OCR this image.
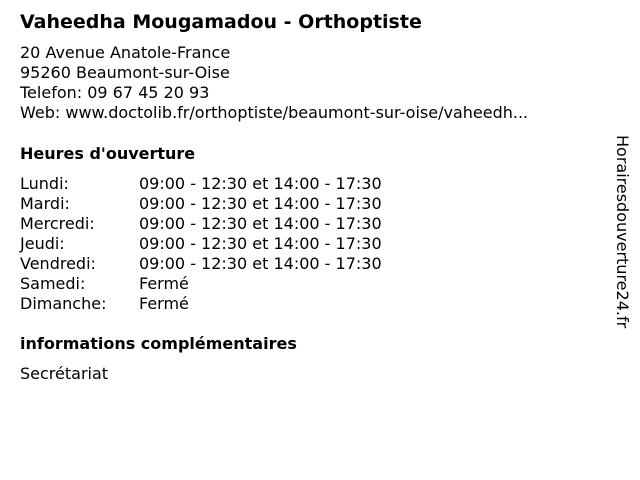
Vaheedha Mougamadou - Orthoptiste
20 Avenue Anatole-France
95260 Beaumont-sur-Oise
Telefon: 09 67 45 20 93
Web: www.doctolib.fr/orthoptiste/beaumont-sur-oise/vaheedh...
Heures d'ouverture
Lundi:	09:00 - 12:30 et 14:00 - 17:30
Mardi:	09:00 - 12:30 et 14:00 - 17:30
Mercredi:	09:00 - 12:30 et 14:00 - 17:30
Jeudi:	09:00 - 12:30 et 14:00 - 17:30
Vendredi:	09:00 - 12:30 et 14:00 - 17:30
Samedi:	Fermé
Dimanche: Fermé
informations complémentaires
Secrétariat
Horairesdouverture24.fr
